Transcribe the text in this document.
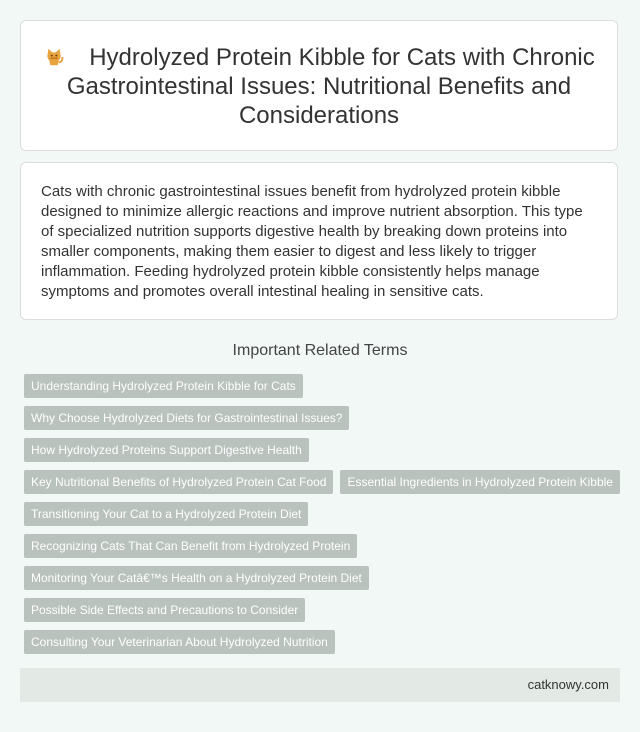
Hydrolyzed Protein Kibble for Cats with Chronic Gastrointestinal Issues: Nutritional Benefits and Considerations

Cats with chronic gastrointestinal issues benefit from hydrolyzed protein kibble designed to minimize allergic reactions and improve nutrient absorption. This type of specialized nutrition supports digestive health by breaking down proteins into smaller components, making them easier to digest and less likely to trigger inflammation. Feeding hydrolyzed protein kibble consistently helps manage symptoms and promotes overall intestinal healing in sensitive cats.

Important Related Terms
Understanding Hydrolyzed Protein Kibble for Cats
Why Choose Hydrolyzed Diets for Gastrointestinal Issues?
How Hydrolyzed Proteins Support Digestive Health
Key Nutritional Benefits of Hydrolyzed Protein Cat Food	Essential Ingredients in Hydrolyzed Protein Kibble
Transitioning Your Cat to a Hydrolyzed Protein Diet
Recognizing Cats That Can Benefit from Hydrolyzed Protein
Monitoring Your Catâ€™s Health on a Hydrolyzed Protein Diet
Possible Side Effects and Precautions to Consider
Consulting Your Veterinarian About Hydrolyzed Nutrition
catknowy.com
